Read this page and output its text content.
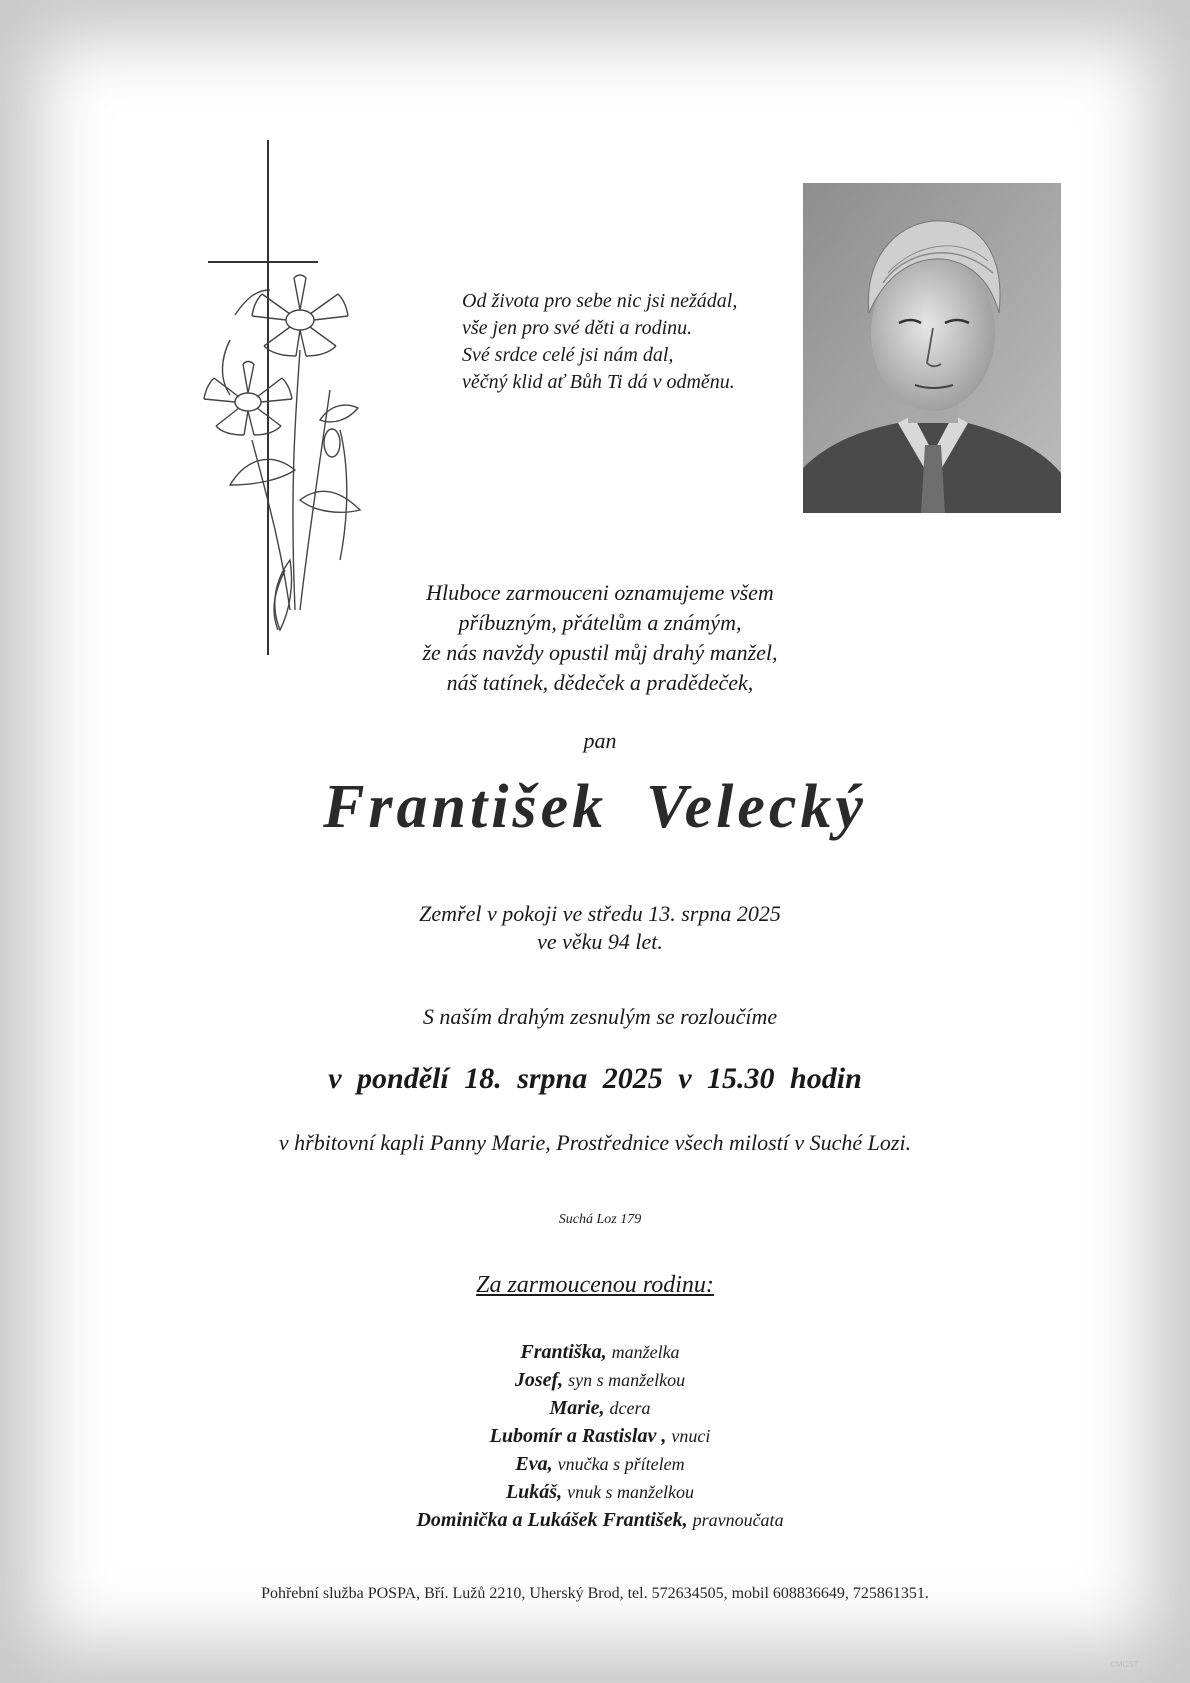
Od života pro sebe nic jsi nežádal,
vše jen pro své děti a rodinu.
Své srdce celé jsi nám dal,
věčný klid ať Bůh Ti dá v odměnu.
Hluboce zarmouceni oznamujeme všem
příbuzným, přátelům a známým,
že nás navždy opustil můj drahý manžel,
náš tatínek, dědeček a pradědeček,
pan
František  Velecký
Zemřel v pokoji ve středu 13. srpna 2025
ve věku 94 let.
S naším drahým zesnulým se rozloučíme
v pondělí 18. srpna 2025 v 15.30 hodin
v hřbitovní kapli Panny Marie, Prostřednice všech milostí v Suché Lozi.
Suchá Loz 179
Za zarmoucenou rodinu:
Františka, manželka
Josef, syn s manželkou
Marie, dcera
Lubomír a Rastislav , vnuci
Eva, vnučka s přítelem
Lukáš, vnuk s manželkou
Dominička a Lukášek František, pravnoučata
Pohřební služba POSPA, Bří. Lužů 2210, Uherský Brod, tel. 572634505, mobil 608836649, 725861351.
©MCST
